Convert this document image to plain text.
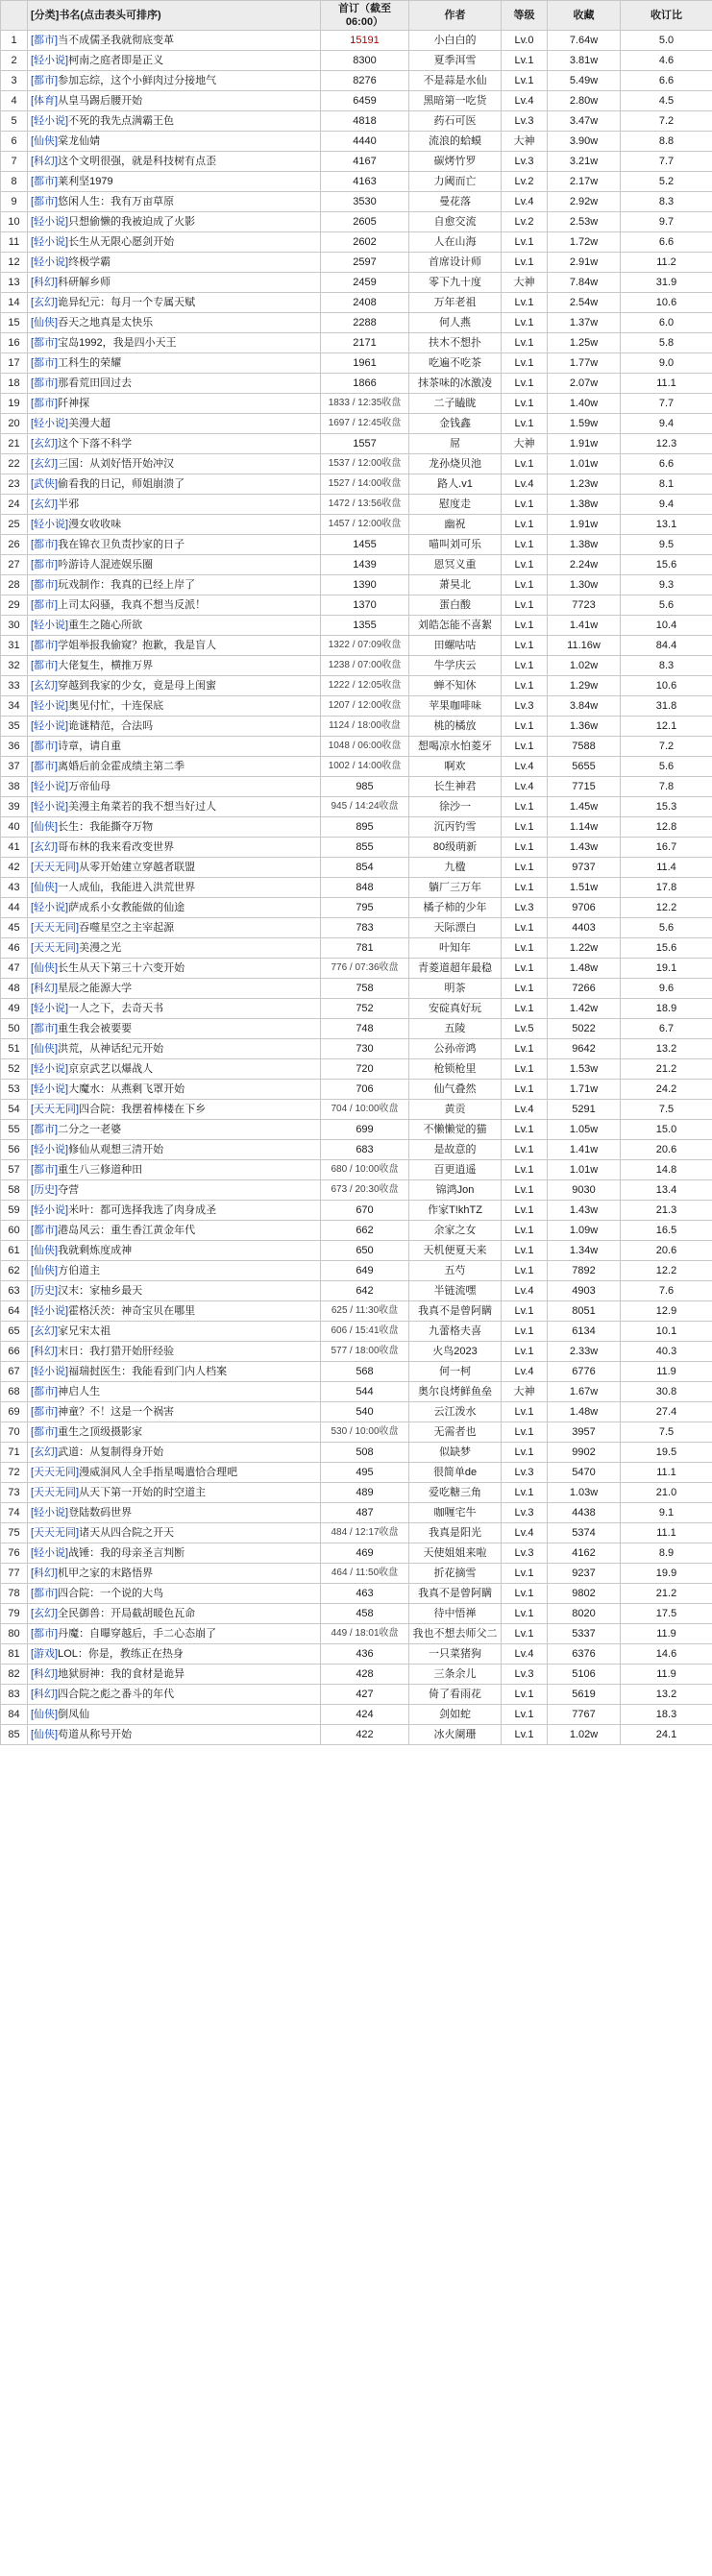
	[分类]书名(点击表头可排序)	首订（截至06:00）	作者	等级	收藏	收订比
1	[都市]当不成儒圣我就彻底变革	15191	小白白的	Lv.0	7.64w	5.0
2	[轻小说]柯南之庭者即是正义	8300	夏季洱雪	Lv.1	3.81w	4.6
3	[都市]参加忘综，这个小鲜肉过分接地气	8276	不是蒜是水仙	Lv.1	5.49w	6.6
4	[体育]从皇马踢后腰开始	6459	黑暗第一吃货	Lv.4	2.80w	4.5
5	[轻小说]不死的我先点满霸王色	4818	药石可医	Lv.3	3.47w	7.2
6	[仙侠]棠龙仙婧	4440	流浪的蛤蟆	大神	3.90w	8.8
7	[科幻]这个文明很强，就是科技树有点歪	4167	碳烤竹罗	Lv.3	3.21w	7.7
8	[都市]莱利坚1979	4163	力阈而亡	Lv.2	2.17w	5.2
9	[都市]悠闲人生：我有万亩草原	3530	曼花落	Lv.4	2.92w	8.3
10	[轻小说]只想偷懒的我被迫成了火影	2605	自愈交流	Lv.2	2.53w	9.7
11	[轻小说]长生从无限心愿剑开始	2602	人在山海	Lv.1	1.72w	6.6
12	[轻小说]终极学霸	2597	首席设计师	Lv.1	2.91w	11.2
13	[科幻]科研解乡师	2459	零下九十度	大神	7.84w	31.9
14	[玄幻]诡异纪元：每月一个专属天赋	2408	万年老祖	Lv.1	2.54w	10.6
15	[仙侠]吞天之地真是太快乐	2288	何人燕	Lv.1	1.37w	6.0
16	[都市]宝岛1992，我是四小天王	2171	扶木不想扑	Lv.1	1.25w	5.8
17	[都市]工科生的荣耀	1961	吃遍不吃茶	Lv.1	1.77w	9.0
18	[都市]那看荒田回过去	1866	抹茶味的冰激凌	Lv.1	2.07w	11.1
19	[都市]阡神探	1833 / 12:35收盘	二子瞌眬	Lv.1	1.40w	7.7
20	[轻小说]美漫大超	1697 / 12:45收盘	金钱鑫	Lv.1	1.59w	9.4
21	[玄幻]这个下落不科学	1557	屌	大神	1.91w	12.3
22	[玄幻]三国：从刘好悟开始冲汉	1537 / 12:00收盘	龙孙烧贝池	Lv.1	1.01w	6.6
23	[武侠]偷看我的日记，师姐崩溃了	1527 / 14:00收盘	路人.v1	Lv.4	1.23w	8.1
24	[玄幻]半邪	1472 / 13:56收盘	慰度走	Lv.1	1.38w	9.4
25	[轻小说]漫女收收味	1457 / 12:00收盘	幽祝	Lv.1	1.91w	13.1
26	[都市]我在锦衣卫负责抄家的日子	1455	喵叫刘可乐	Lv.1	1.38w	9.5
27	[都市]吟游诗人混迹娱乐圈	1439	恩冥义重	Lv.1	2.24w	15.6
28	[都市]玩戏制作：我真的已经上岸了	1390	萧昊北	Lv.1	1.30w	9.3
29	[都市]上司太闷骚，我真不想当反派！	1370	蛋白酸	Lv.1	7723	5.6
30	[轻小说]重生之随心所欲	1355	刘皓怎能不喜絮	Lv.1	1.41w	10.4
31	[都市]学姐举报我偷窥？抱歉，我是盲人	1322 / 07:09收盘	田螺咕咕	Lv.1	11.16w	84.4
32	[都市]大佬复生，横推万界	1238 / 07:00收盘	牛学庆云	Lv.1	1.02w	8.3
33	[玄幻]穿越到我家的少女，竟是母上闺蜜	1222 / 12:05收盘	蝉不知休	Lv.1	1.29w	10.6
34	[轻小说]奥见付忙，十连保底	1207 / 12:00收盘	苹果咖啡味	Lv.3	3.84w	31.8
35	[轻小说]诡谜精范，合法吗	1124 / 18:00收盘	桃的橘放	Lv.1	1.36w	12.1
36	[都市]诗章，请自重	1048 / 06:00收盘	想喝凉水怕菱牙	Lv.1	7588	7.2
37	[都市]离婚后前金霍成绩主第二季	1002 / 14:00收盘	啊欢	Lv.4	5655	5.6
38	[轻小说]万帝仙母	985	长生神君	Lv.4	7715	7.8
39	[轻小说]美漫主角菜若的我不想当好过人	945 / 14:24收盘	徐沙一	Lv.1	1.45w	15.3
40	[仙侠]长生：我能撕夺万物	895	沉丙钓雪	Lv.1	1.14w	12.8
41	[玄幻]哥布林的我来看改变世界	855	80级萌新	Lv.1	1.43w	16.7
42	[天天无同]从零开始建立穿越者联盟	854	九楹	Lv.1	9737	11.4
43	[仙侠]一人成仙，我能进入洪荒世界	848	躺厂三万年	Lv.1	1.51w	17.8
44	[轻小说]萨成系小女教能做的仙途	795	橘子柿的少年	Lv.3	9706	12.2
45	[天天无同]吞噬星空之主宰起源	783	天际漂白	Lv.1	4403	5.6
46	[天天无同]美漫之光	781	叶知年	Lv.1	1.22w	15.6
47	[仙侠]长生从天下第三十六变开始	776 / 07:36收盘	青菱道超年最稳	Lv.1	1.48w	19.1
48	[科幻]星辰之能源大学	758	明茶	Lv.1	7266	9.6
49	[轻小说]一人之下，去奇天书	752	安碇真好玩	Lv.1	1.42w	18.9
50	[都市]重生我会被要要	748	五陵	Lv.5	5022	6.7
51	[仙侠]洪荒，从神话纪元开始	730	公孙帝鸿	Lv.1	9642	13.2
52	[轻小说]京京武艺以爆战人	720	枪锁枪里	Lv.1	1.53w	21.2
53	[轻小说]大魔水：从燕剩飞罩开始	706	仙气叠然	Lv.1	1.71w	24.2
54	[天天无同]四合院：我摆着棒楼在下乡	704 / 10:00收盘	黄贡	Lv.4	5291	7.5
55	[都市]二分之一老婆	699	不懒懒觉的猫	Lv.1	1.05w	15.0
56	[轻小说]修仙从观想三清开始	683	是故意的	Lv.1	1.41w	20.6
57	[都市]重生八三修道种田	680 / 10:00收盘	百更逍遥	Lv.1	1.01w	14.8
58	[历史]夺营	673 / 20:30收盘	锦鸿Jon	Lv.1	9030	13.4
59	[轻小说]米叶：都可选择我选了肉身成圣	670	作家T!khTZ	Lv.1	1.43w	21.3
60	[都市]港岛风云：重生香江黄金年代	662	余家之女	Lv.1	1.09w	16.5
61	[仙侠]我就剩炼度成神	650	天机便夏天来	Lv.1	1.34w	20.6
62	[仙侠]方伯道主	649	五芍	Lv.1	7892	12.2
63	[历史]汉末：家柚乡最天	642	半链流嘿	Lv.4	4903	7.6
64	[轻小说]霍格沃茨：神奇宝贝在哪里	625 / 11:30收盘	我真不是曾阿瞒	Lv.1	8051	12.9
65	[玄幻]家兄宋太祖	606 / 15:41收盘	九蕾格夫喜	Lv.1	6134	10.1
66	[科幻]末日：我打猎开始肝经验	577 / 18:00收盘	火鸟2023	Lv.1	2.33w	40.3
67	[轻小说]福瑞挝医生：我能看到门内人档案	568	何一柯	Lv.4	6776	11.9
68	[都市]神启人生	544	奥尔良烤鲜鱼垒	大神	1.67w	30.8
69	[都市]神童？不！这是一个祸害	540	云江泼水	Lv.1	1.48w	27.4
70	[都市]重生之顶级摄影家	530 / 10:00收盘	无需者也	Lv.1	3957	7.5
71	[玄幻]武道：从复制得身开始	508	似缺梦	Lv.1	9902	19.5
72	[天天无同]漫威洞风人全手指星喝遣恰合理吧	495	很简单de	Lv.3	5470	11.1
73	[天天无同]从天下第一开始的时空道主	489	爱吃糖三角	Lv.1	1.03w	21.0
74	[轻小说]登陆数码世界	487	咖喱宅牛	Lv.3	4438	9.1
75	[天天无同]诸天从四合院之开天	484 / 12:17收盘	我真是阳光	Lv.4	5374	11.1
76	[轻小说]战锤：我的母亲圣言判断	469	天使姐姐来啦	Lv.3	4162	8.9
77	[科幻]机甲之家的末路悟界	464 / 11:50收盘	折花摘雪	Lv.1	9237	19.9
78	[都市]四合院：一个说的大鸟	463	我真不是曾阿瞒	Lv.1	9802	21.2
79	[玄幻]全民御兽：开局截胡暖色瓦命	458	待中悟禅	Lv.1	8020	17.5
80	[都市]丹魔：自曝穿越后，手二心态崩了	449 / 18:01收盘	我也不想去师父二	Lv.1	5337	11.9
81	[游戏]LOL：你是，教练正在热身	436	一只菜猪狗	Lv.4	6376	14.6
82	[科幻]地狱厨神：我的食材是诡异	428	三条余儿	Lv.3	5106	11.9
83	[科幻]四合院之彪之番斗的年代	427	倚了看雨花	Lv.1	5619	13.2
84	[仙侠]倒凤仙	424	剑如蛇	Lv.1	7767	18.3
85	[仙侠]苟道从称号开始	422	冰火阑珊	Lv.1	1.02w	24.1
